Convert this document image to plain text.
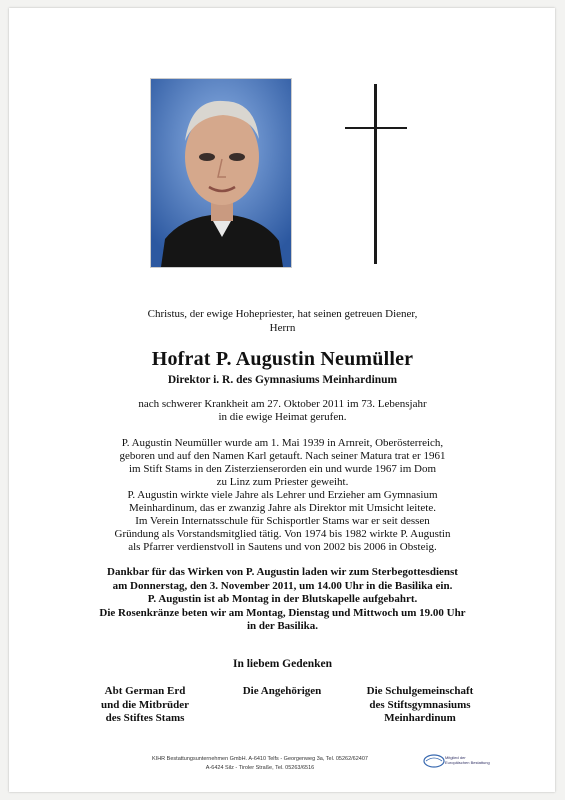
Christus, der ewige Hohepriester, hat seinen getreuen Diener,
Herrn
Hofrat P. Augustin Neumüller
Direktor i. R. des Gymnasiums Meinhardinum
nach schwerer Krankheit am 27. Oktober 2011 im 73. Lebensjahr
in die ewige Heimat gerufen.
P. Augustin Neumüller wurde am 1. Mai 1939 in Arnreit, Oberösterreich,
geboren und auf den Namen Karl getauft. Nach seiner Matura trat er 1961
im Stift Stams in den Zisterzienserorden ein und wurde 1967 im Dom
zu Linz zum Priester geweiht.
P. Augustin wirkte viele Jahre als Lehrer und Erzieher am Gymnasium
Meinhardinum, das er zwanzig Jahre als Direktor mit Umsicht leitete.
Im Verein Internatsschule für Schisportler Stams war er seit dessen
Gründung als Vorstandsmitglied tätig. Von 1974 bis 1982 wirkte P. Augustin
als Pfarrer verdienstvoll in Sautens und von 2002 bis 2006 in Obsteig.
Dankbar für das Wirken von P. Augustin laden wir zum Sterbegottesdienst
am Donnerstag, den 3. November 2011, um 14.00 Uhr in die Basilika ein.
P. Augustin ist ab Montag in der Blutskapelle aufgebahrt.
Die Rosenkränze beten wir am Montag, Dienstag und Mittwoch um 19.00 Uhr
in der Basilika.
In liebem Gedenken
Abt German Erd
und die Mitbrüder
des Stiftes Stams
Die Angehörigen	Die Schulgemeinschaft
des Stiftsgymnasiums
Meinhardinum
KIHR Bestattungsunternehmen GmbH. A-6410 Telfs - Georgenweg 3a, Tel. 05262/62407
A-6424 Silz - Tiroler Straße, Tel. 05263/6516
Mitglied der
Europäischen Bestattung
